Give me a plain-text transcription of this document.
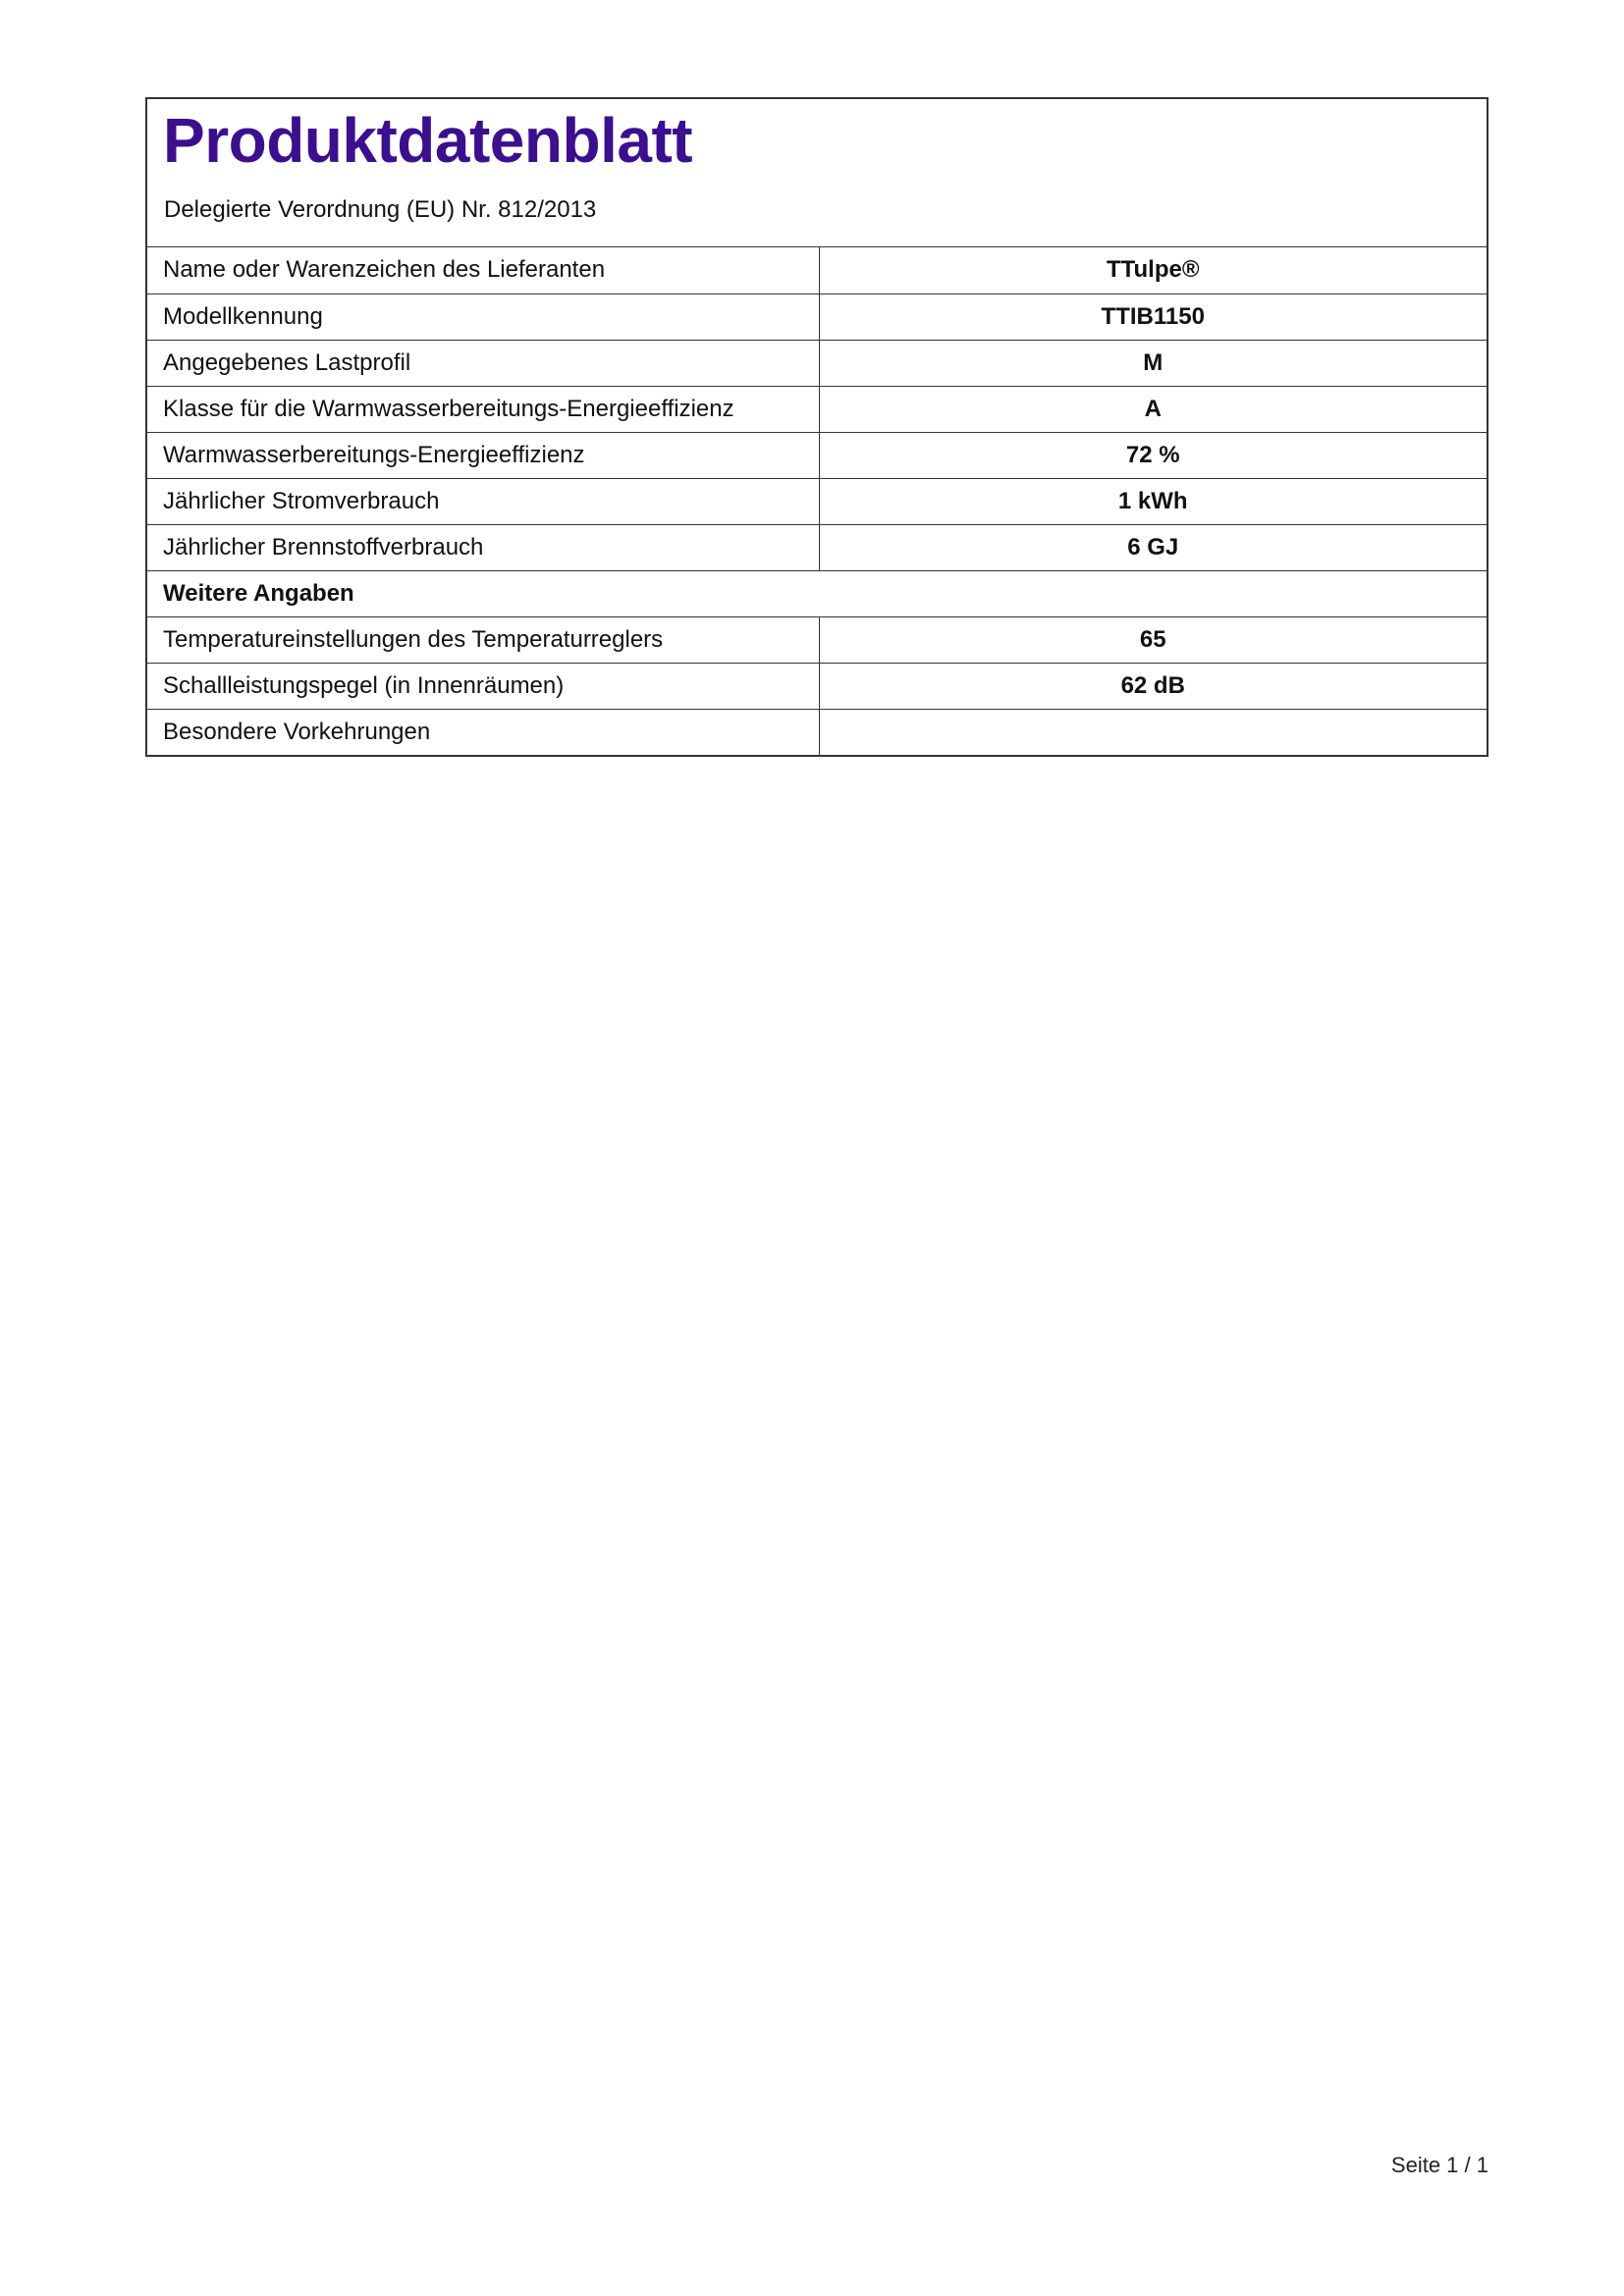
Produktdatenblatt

Delegierte Verordnung (EU) Nr. 812/2013

Name oder Warenzeichen des Lieferanten	TTulpe®
Modellkennung	TTIB1150
Angegebenes Lastprofil	M
Klasse für die Warmwasserbereitungs-Energieeffizienz	A
Warmwasserbereitungs-Energieeffizienz	72 %
Jährlicher Stromverbrauch	1 kWh
Jährlicher Brennstoffverbrauch	6 GJ
Weitere Angaben	
Temperatureinstellungen des Temperaturreglers	65
Schallleistungspegel (in Innenräumen)	62 dB
Besondere Vorkehrungen	
Seite 1 / 1
